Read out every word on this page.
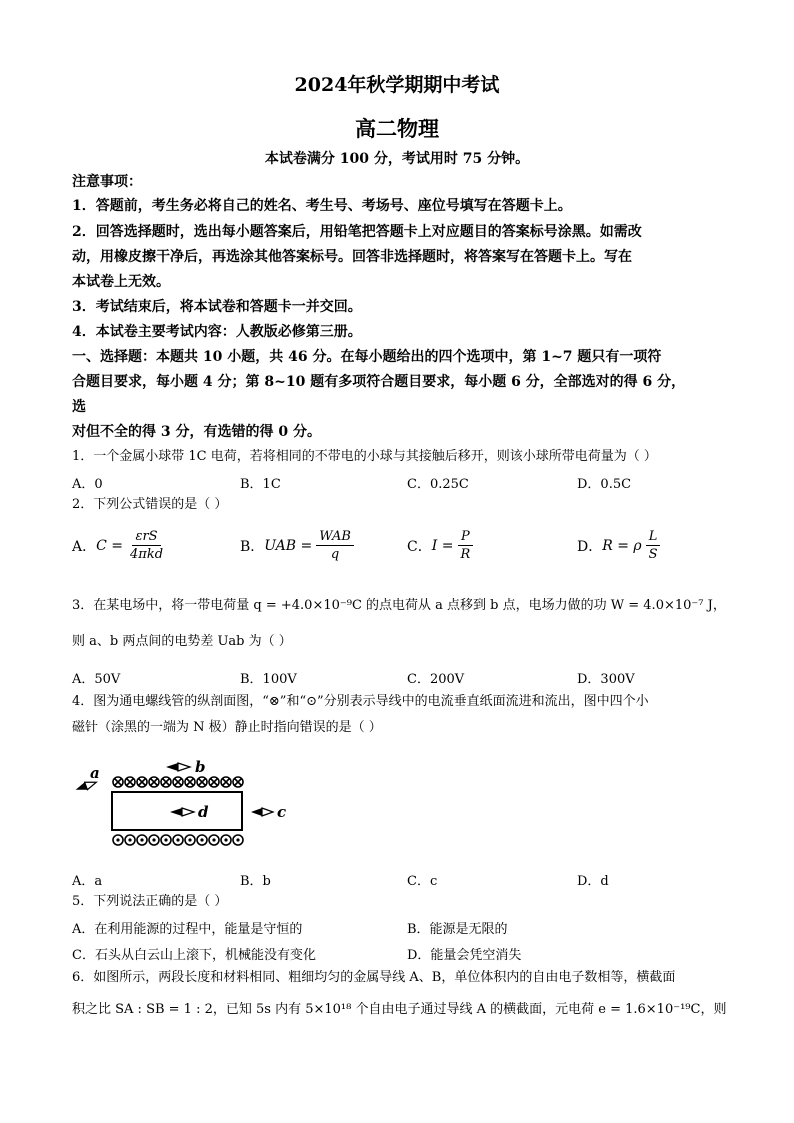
2024年秋学期期中考试
高二物理
本试卷满分 100 分，考试用时 75 分钟。
注意事项：
1．答题前，考生务必将自己的姓名、考生号、考场号、座位号填写在答题卡上。
2．回答选择题时，选出每小题答案后，用铅笔把答题卡上对应题目的答案标号涂黑。如需改
动，用橡皮擦干净后，再选涂其他答案标号。回答非选择题时，将答案写在答题卡上。写在
本试卷上无效。
3．考试结束后，将本试卷和答题卡一并交回。
4．本试卷主要考试内容：人教版必修第三册。
一、选择题：本题共 10 小题，共 46 分。在每小题给出的四个选项中，第 1~7 题只有一项符
合题目要求，每小题 4 分；第 8~10 题有多项符合题目要求，每小题 6 分，全部选对的得 6 分，
选
对但不全的得 3 分，有选错的得 0 分。
1．一个金属小球带 1C 电荷，若将相同的不带电的小球与其接触后移开，则该小球所带电荷量为（ ）
A．0	B．1C	C．0.25C	D．0.5C
2．下列公式错误的是（ ）
A． $C = \frac{\text{εrS}}{\text{4πkd}}$	B． UAB = $\frac{\text{WAB}}{q}$	C． $I = \frac{P}{R}$	D． R = ρ $\frac{L}{S}$
3．在某电场中，将一带电荷量 q = +4.0×10⁻⁹C 的点电荷从 a 点移到 b 点，电场力做的功 W = 4.0×10⁻⁷ J，
则 a、b 两点间的电势差 Uab 为（ ）
A．50V	B．100V	C．200V	D．300V
4．图为通电螺线管的纵剖面图，“⊗”和“⊙”分别表示导线中的电流垂直纸面流进和流出，图中四个小
磁针（涂黑的一端为 N 极）静止时指向错误的是（ ）
a	b
d	c
A．a	B．b	C．c	D．d
5．下列说法正确的是（ ）
A．在利用能源的过程中，能量是守恒的	B．能源是无限的
C．石头从白云山上滚下，机械能没有变化	D．能量会凭空消失
6．如图所示，两段长度和材料相同、粗细均匀的金属导线 A、B，单位体积内的自由电子数相等，横截面
积之比 SA : SB = 1 : 2，已知 5s 内有 5×10¹⁸ 个自由电子通过导线 A 的横截面，元电荷 e = 1.6×10⁻¹⁹C，则
